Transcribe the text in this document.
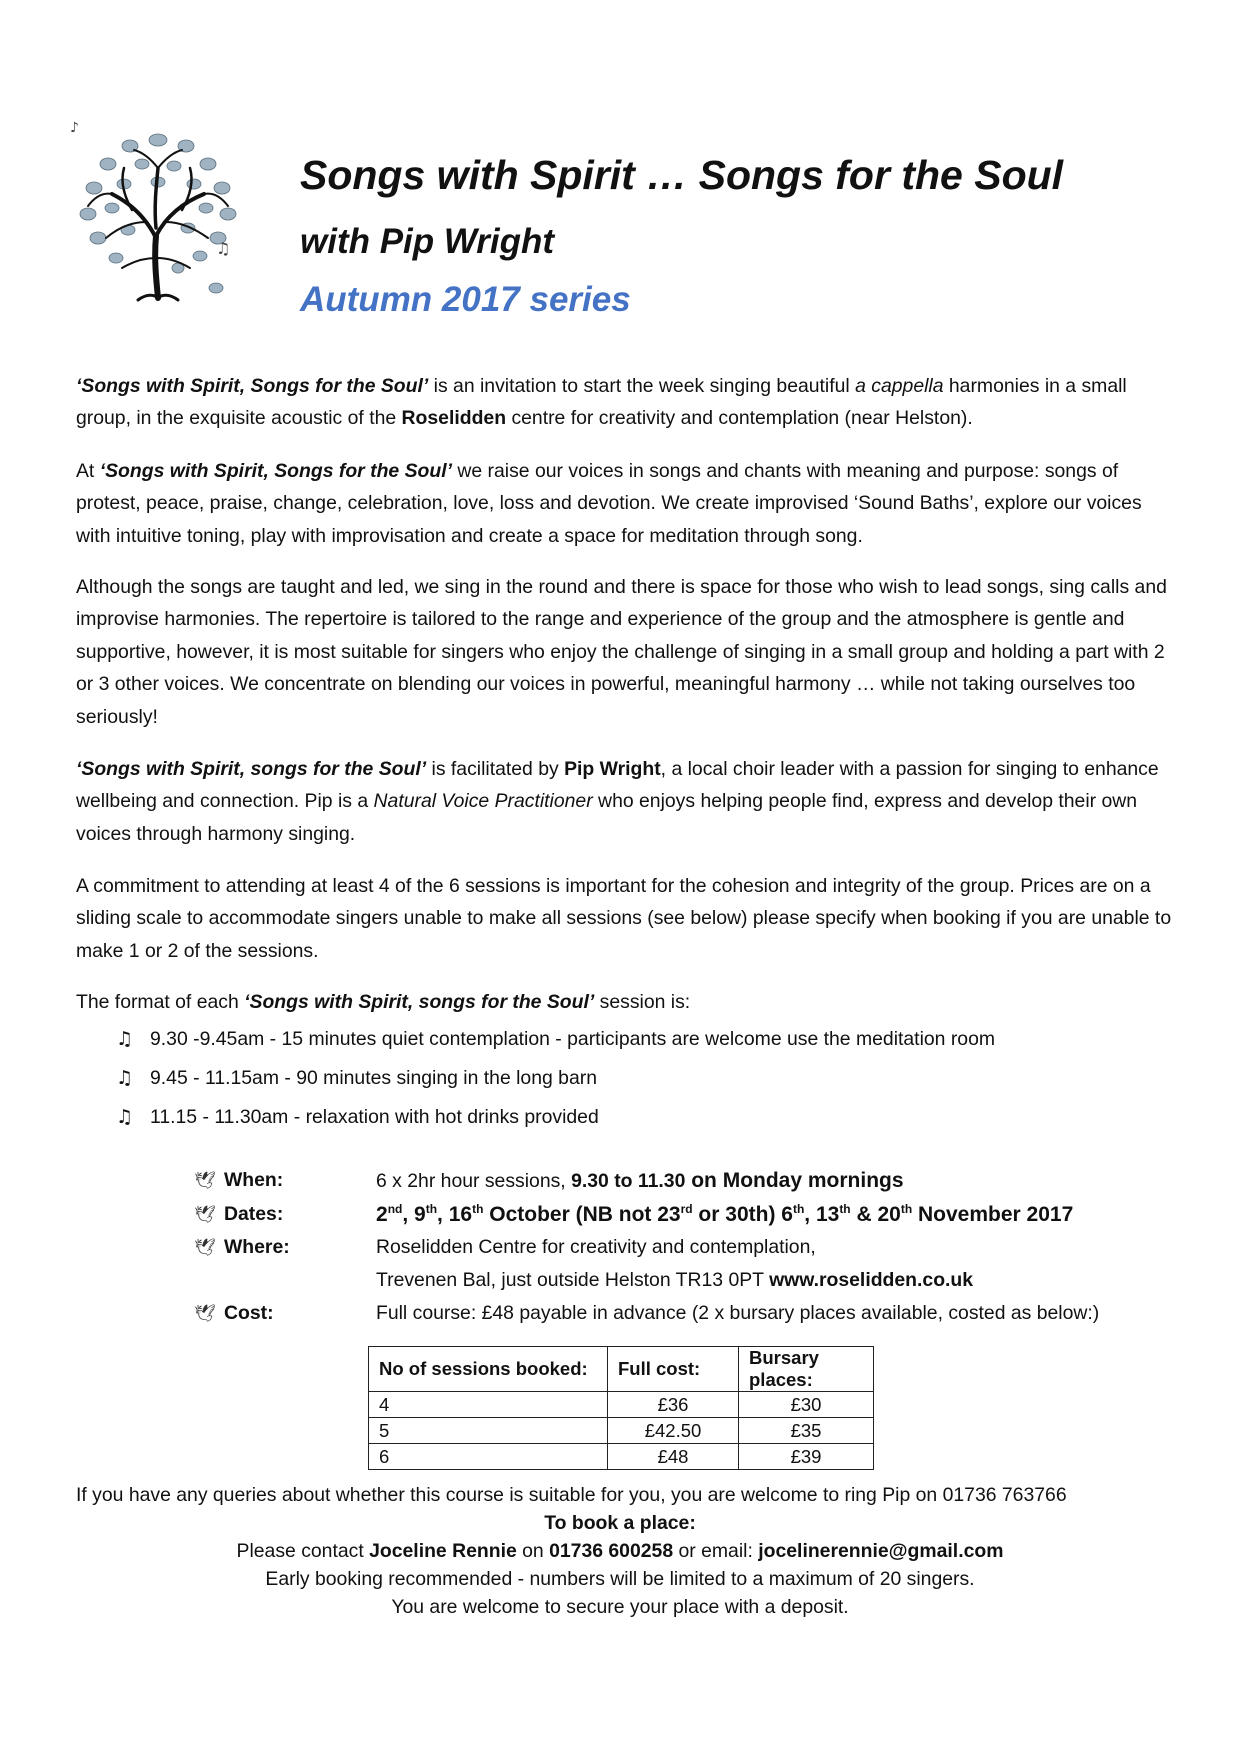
♪
♫
Songs with Spirit … Songs for the Soul
with Pip Wright
Autumn 2017 series

‘Songs with Spirit, Songs for the Soul’ is an invitation to start the week singing beautiful a cappella harmonies in a small group, in the exquisite acoustic of the Roselidden centre for creativity and contemplation (near Helston).

At ‘Songs with Spirit, Songs for the Soul’ we raise our voices in songs and chants with meaning and purpose: songs of protest, peace, praise, change, celebration, love, loss and devotion. We create improvised ‘Sound Baths’, explore our voices with intuitive toning, play with improvisation and create a space for meditation through song.

Although the songs are taught and led, we sing in the round and there is space for those who wish to lead songs, sing calls and improvise harmonies. The repertoire is tailored to the range and experience of the group and the atmosphere is gentle and supportive, however, it is most suitable for singers who enjoy the challenge of singing in a small group and holding a part with 2 or 3 other voices. We concentrate on blending our voices in powerful, meaningful harmony … while not taking ourselves too seriously!

‘Songs with Spirit, songs for the Soul’ is facilitated by Pip Wright, a local choir leader with a passion for singing to enhance wellbeing and connection. Pip is a Natural Voice Practitioner who enjoys helping people find, express and develop their own voices through harmony singing.

A commitment to attending at least 4 of the 6 sessions is important for the cohesion and integrity of the group. Prices are on a sliding scale to accommodate singers unable to make all sessions (see below) please specify when booking if you are unable to make 1 or 2 of the sessions.

The format of each ‘Songs with Spirit, songs for the Soul’ session is:

♫ 9.30 -9.45am - 15 minutes quiet contemplation - participants are welcome use the meditation room
♫ 9.45 - 11.15am - 90 minutes singing in the long barn
♫ 11.15 - 11.30am - relaxation with hot drinks provided
🕊 When:	6 x 2hr hour sessions, 9.30 to 11.30 on Monday mornings
🕊 Dates:	2nd, 9th, 16th October (NB not 23rd or 30th) 6th, 13th & 20th November 2017
🕊 Where:	Roselidden Centre for creativity and contemplation,
Trevenen Bal, just outside Helston TR13 0PT www.roselidden.co.uk
🕊 Cost:	Full course: £48 payable in advance (2 x bursary places available, costed as below:)
No of sessions booked:	Full cost:	Bursary places:
4	£36	£30
5	£42.50	£35
6	£48	£39
If you have any queries about whether this course is suitable for you, you are welcome to ring Pip on 01736 763766
To book a place:
Please contact Joceline Rennie on 01736 600258 or email: jocelinerennie@gmail.com
Early booking recommended - numbers will be limited to a maximum of 20 singers.
You are welcome to secure your place with a deposit.
